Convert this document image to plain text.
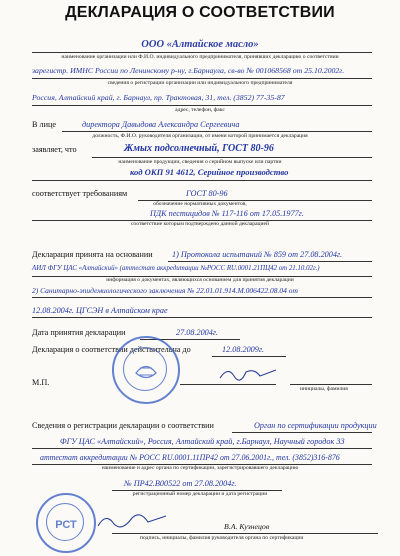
ДЕКЛАРАЦИЯ О СООТВЕТСТВИИ
ООО «Алтайское масло»
наименование организации или Ф.И.О. индивидуального предпринимателя, принявших декларацию о соответствии
зарегистр. ИМНС России по Ленинскому р-ну, г.Барнаула, св-во № 001068568 от 25.10.2002г.
сведения о регистрации организации или индивидуального предпринимателя
Россия, Алтайский край, г. Барнаул, пр. Трактовая, 31, тел. (3852) 77-35-87
адрес, телефон, факс
В лице	директора Давыдова Александра Сергеевича
должность, Ф.И.О. руководителя организации, от имени которой принимается декларация
заявляет, что	Жмых подсолнечный, ГОСТ 80-96
наименование продукции, сведения о серийном выпуске или партии
код ОКП 91 4612, Серийное производство
соответствует требованиям	ГОСТ 80-96
обозначение нормативных документов,
ПДК пестицидов № 117-116 от 17.05.1977г.
соответствие которым подтверждено данной декларацией
Декларация принята на основании 1) Протокола испытаний № 859 от 27.08.2004г.
АИЛ ФГУ ЦАС «Алтайский» (аттестат аккредитации №РОСС RU.0001.21ПЦ42 от 21.10.02г.)
информация о документах, являющихся основанием для принятия декларации
2) Санитарно-эпидемиологического заключения № 22.01.01.914.М.006422.08.04 от
12.08.2004г. ЦГСЭН в Алтайском крае
Дата принятия декларации	27.08.2004г.
Декларация о соответствии действительна до	12.08.2009г.
М.П.
инициалы, фамилия
Сведения о регистрации декларации о соответствии	Орган по сертификации продукции
ФГУ ЦАС «Алтайский», Россия, Алтайский край, г.Барнаул, Научный городок 33
аттестат аккредитации № РОСС RU.0001.11ПР42 от 27.06.2001г., тел. (3852)316-876
наименование и адрес органа по сертификации, зарегистрировавшего декларацию
№ ПР42.В00522 от 27.08.2004г.
регистрационный номер декларации и дата регистрации
РСТ	В.А. Кузнецов
подпись, инициалы, фамилия руководителя органа по сертификации
